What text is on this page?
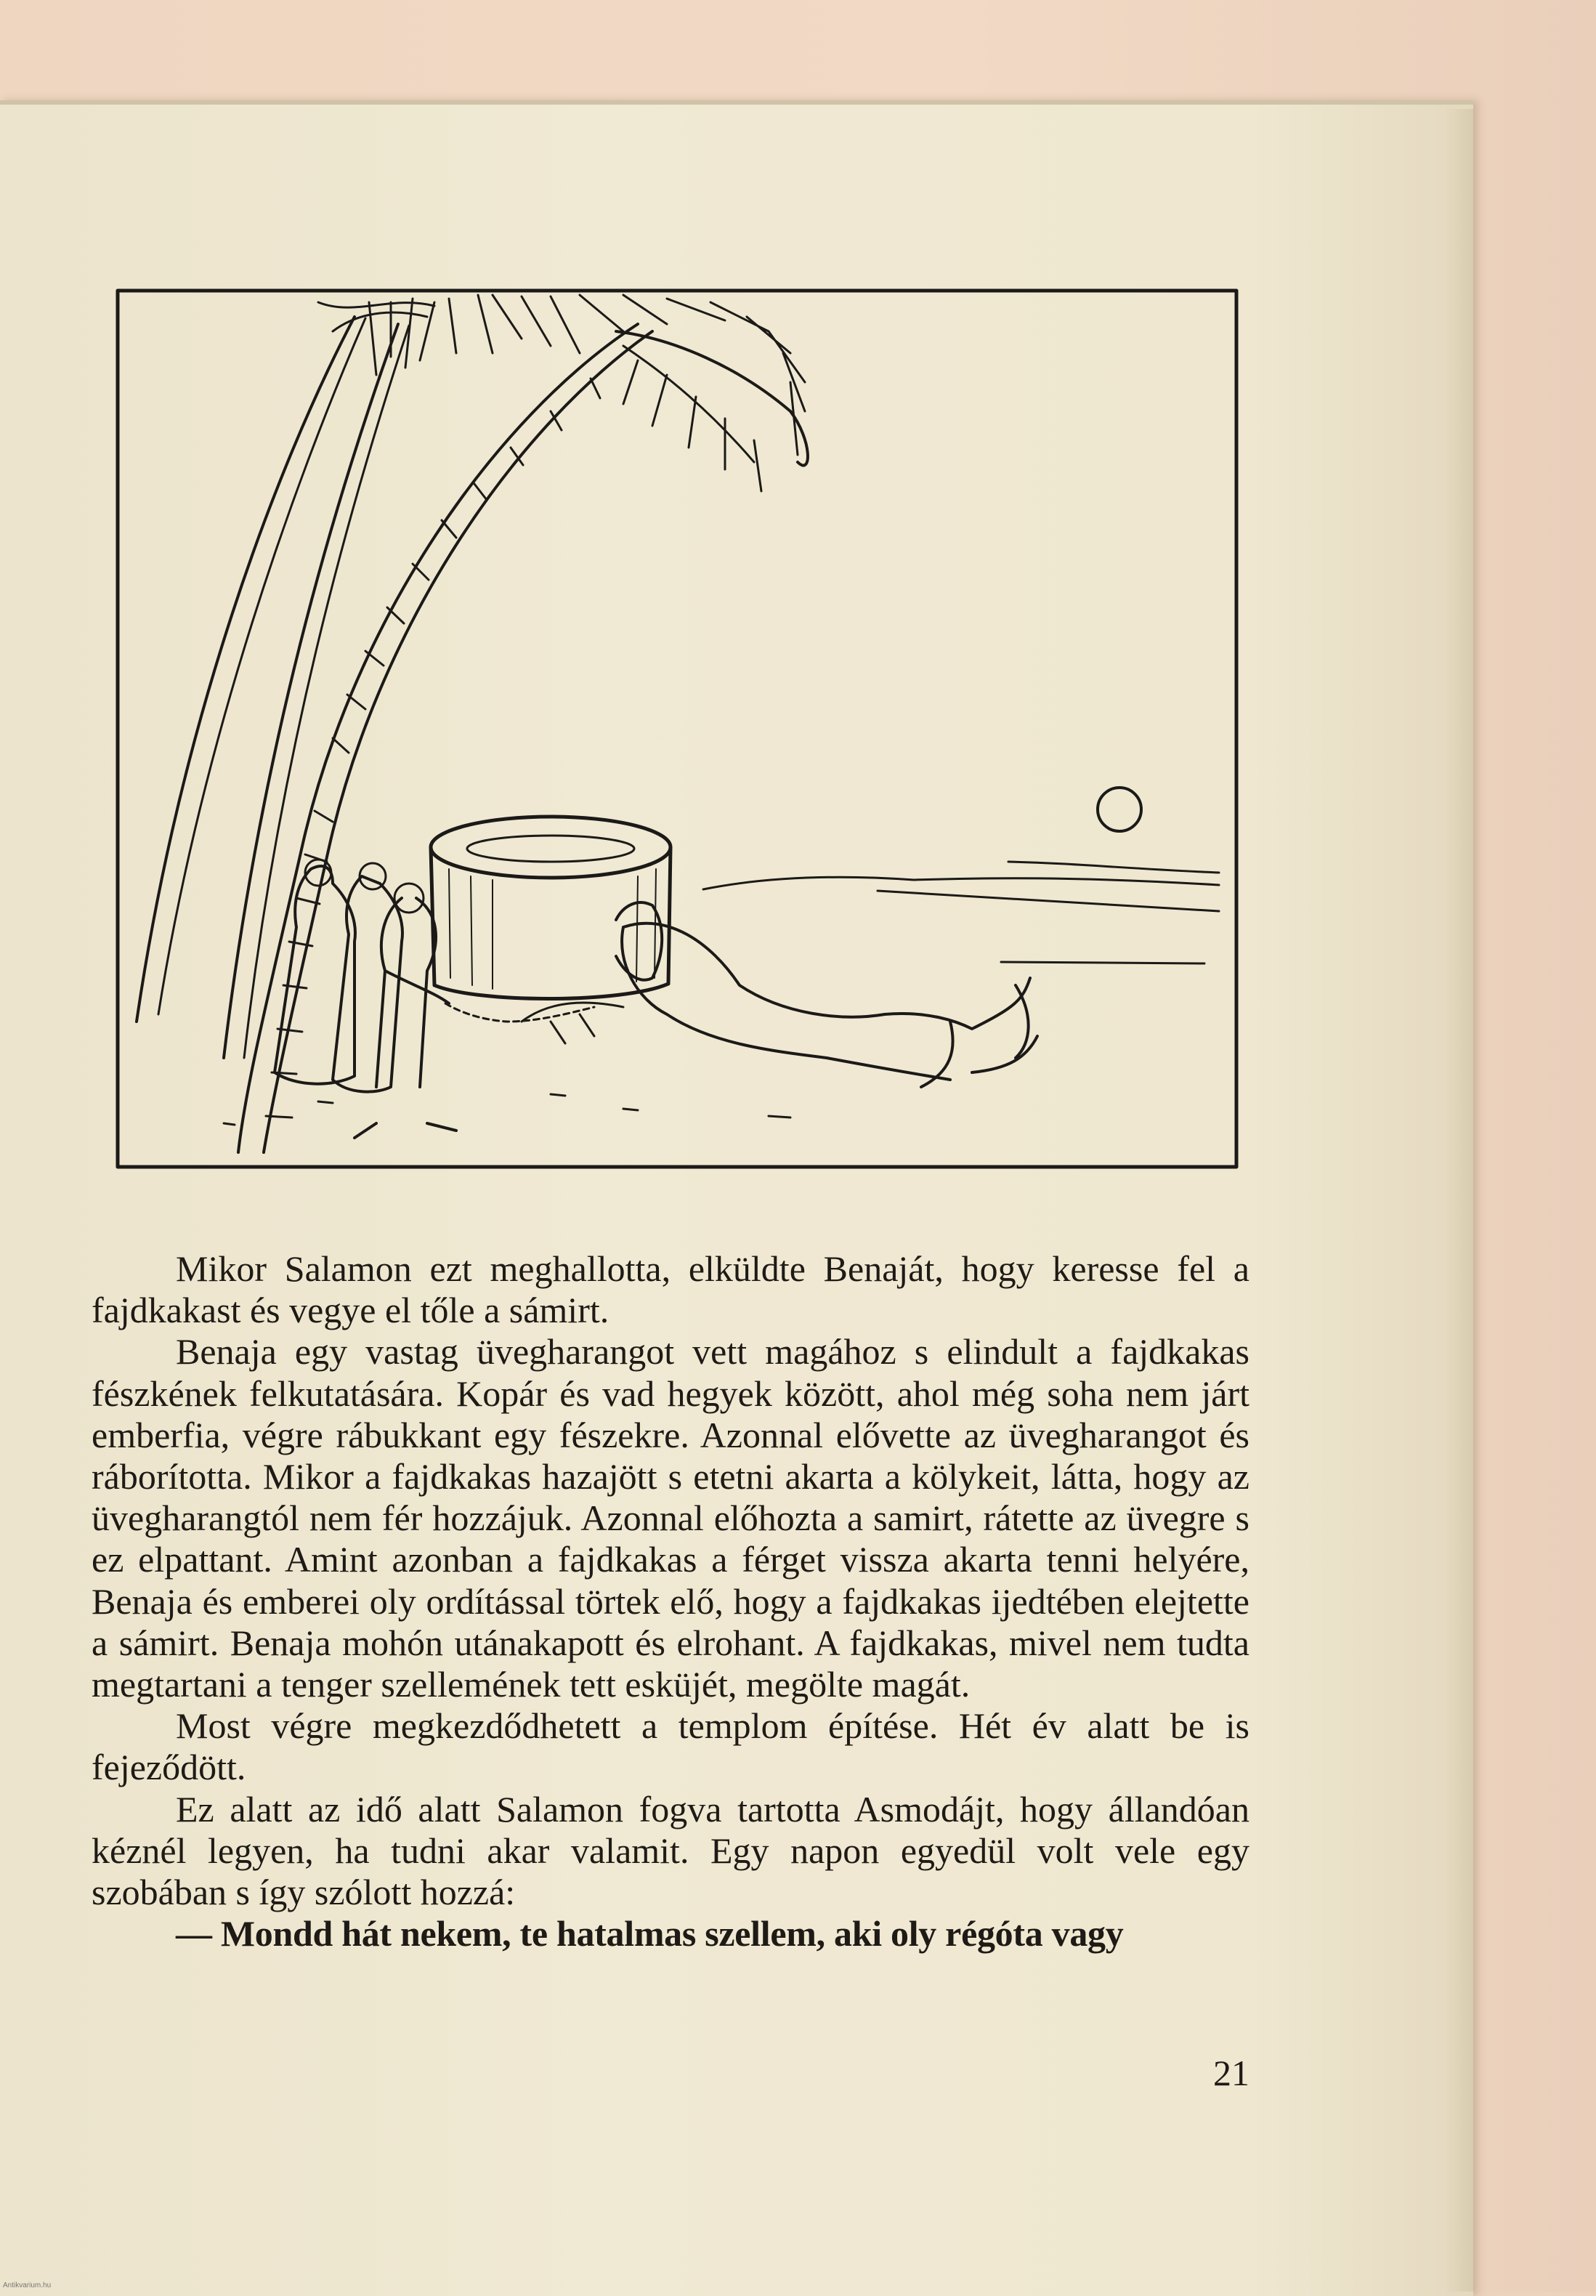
Mikor Salamon ezt meghallotta, elküldte Benaját, hogy keresse fel a fajdkakast és vegye el tőle a sámirt.

Benaja egy vastag üvegharangot vett magához s elindult a fajdkakas fészkének felkutatására. Kopár és vad hegyek között, ahol még soha nem járt emberfia, végre rábukkant egy fészekre. Azonnal elővette az üvegharangot és ráborította. Mikor a fajdkakas hazajött s etetni akarta a kölykeit, látta, hogy az üvegharangtól nem fér hozzájuk. Azonnal előhozta a samirt, rátette az üvegre s ez elpattant. Amint azonban a fajdkakas a férget vissza akarta tenni helyére, Benaja és emberei oly ordítással törtek elő, hogy a fajdkakas ijedtében elejtette a sámirt. Benaja mohón utánakapott és elrohant. A fajdkakas, mivel nem tudta megtartani a tenger szellemének tett esküjét, megölte magát.

Most végre megkezdődhetett a templom építése. Hét év alatt be is fejeződött.

Ez alatt az idő alatt Salamon fogva tartotta Asmodájt, hogy állandóan kéznél legyen, ha tudni akar valamit. Egy napon egyedül volt vele egy szobában s így szólott hozzá:

— Mondd hát nekem, te hatalmas szellem, aki oly régóta vagy

21
Antikvarium.hu
